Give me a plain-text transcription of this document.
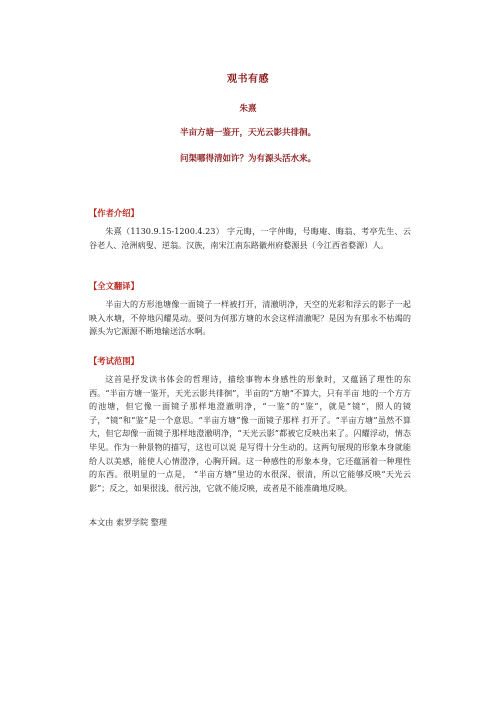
观书有感
朱熹
半亩方塘一鉴开，天光云影共徘徊。
问渠哪得清如许？为有源头活水来。
【作者介绍】
朱熹（1130.9.15-1200.4.23） 字元晦，一字仲晦，号晦庵、晦翁、考亭先生、云谷老人、沧洲病叟、逆翁。汉族，南宋江南东路徽州府婺源县（今江西省婺源）人。
【全文翻译】
半亩大的方形池塘像一面镜子一样被打开，清澈明净，天空的光彩和浮云的影子一起映入水塘，不停地闪耀晃动。要问为何那方塘的水会这样清澈呢？是因为有那永不枯竭的源头为它源源不断地输送活水啊。
【考试范围】
这首是抒发读书体会的哲理诗，描绘事物本身感性的形象时，又蕴涵了理性的东西。“半亩方塘一鉴开，天光云影共徘徊”，半亩的“方塘”不算大，只有半亩 地的一个方方的池塘，但它像一面镜子那样地澄澈明净，“一鉴”的“鉴”，就是“镜”，照人的镜子，“镜”和“鉴”是一个意思。“半亩方塘”像一面镜子那样 打开了。“半亩方塘”虽然不算大，但它却像一面镜子那样地澄澈明净，“天光云影”都被它反映出来了。闪耀浮动，情态毕见。作为一种景物的描写，这也可以说 是写得十分生动的。这两句展现的形象本身就能给人以美感，能使人心情澄净，心胸开阔。这一种感性的形象本身，它还蕴涵着一种理性的东西。很明显的一点是， “半亩方塘”里边的水很深、很清，所以它能够反映“天光云影”；反之，如果很浅、很污浊，它就不能反映，或者是不能准确地反映。
本文由 索罗学院 整理
